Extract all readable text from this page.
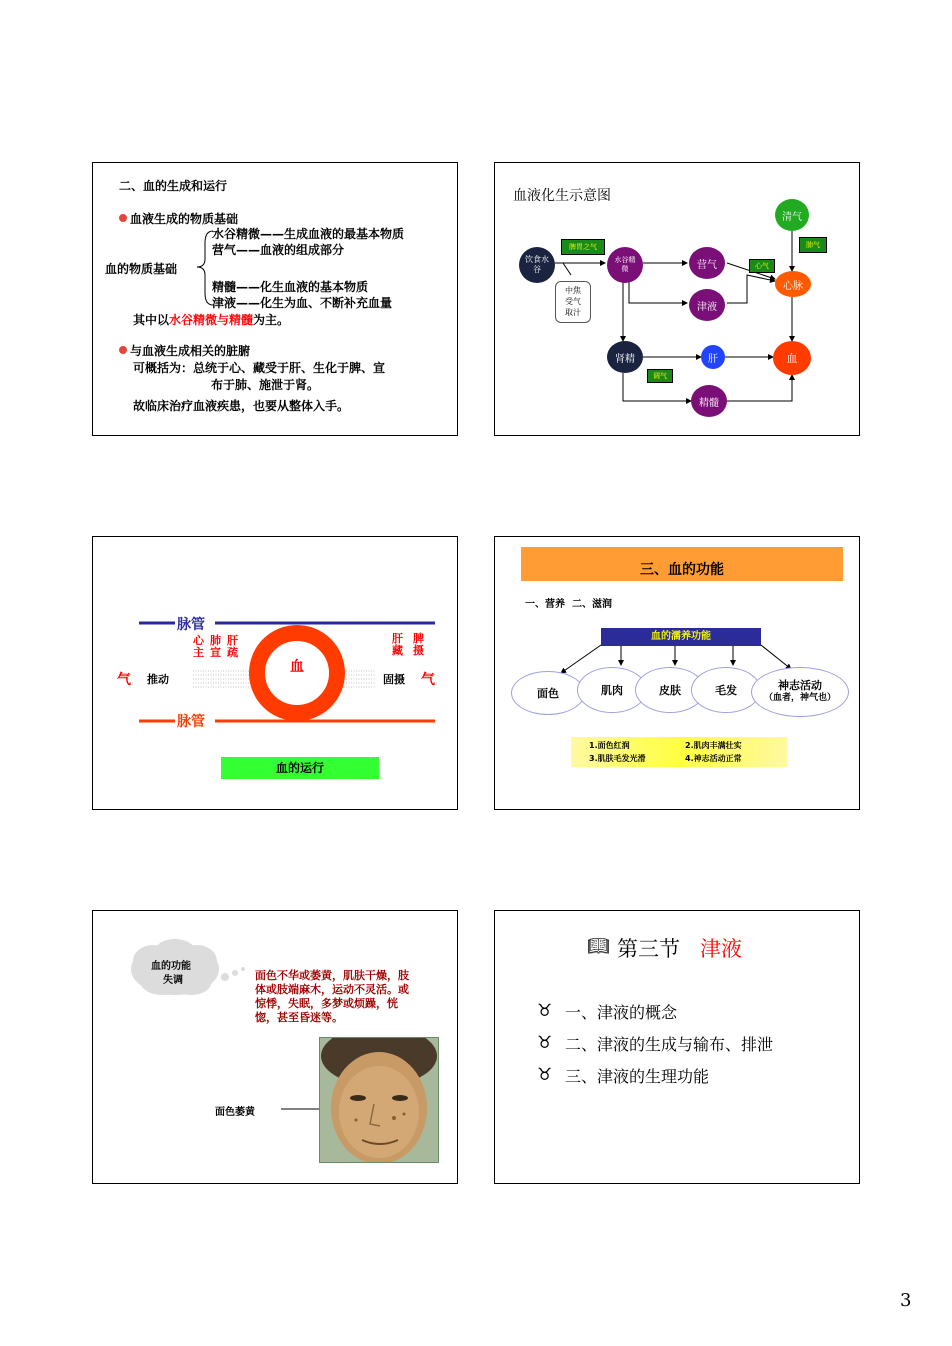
二、血的生成和运行
血液生成的物质基础
血的物质基础
水谷精微——生成血液的最基本物质
营气——血液的组成部分
精髓——化生血液的基本物质
津液——化生为血、不断补充血量
其中以水谷精微与精髓为主。
与血液生成相关的脏腑
可概括为：总统于心、藏受于肝、生化于脾、宣
布于肺、施泄于肾。
故临床治疗血液疾患，也要从整体入手。
血液化生示意图
饮食水谷
脾胃之气
中焦受气取汁
水谷精微	营气
津液
心气
心脉
清气
肺气
肾精
调气
肝	血
精髓
脉管
脉管
血
心
主
肺
宣
肝
疏
肝
藏
脾
摄
气	气
推动	固摄
血的运行
三、血的功能
一、营养  二、滋润
血的濡养功能
面色	肌肉	皮肤	毛发	神志活动
（血者，神气也）
1.面色红润	2.肌肉丰满壮实
3.肌肤毛发光滑	4.神志活动正常
血的功能
失调	面色不华或萎黄，肌肤干燥，肢
体或肢端麻木，运动不灵活。或
惊悸，失眠，多梦或烦躁，恍
惚，甚至昏迷等。
面色萎黄
📖︎ 第三节 津液
♉︎ 一、津液的概念
♉︎ 二、津液的生成与输布、排泄
♉︎ 三、津液的生理功能
3
